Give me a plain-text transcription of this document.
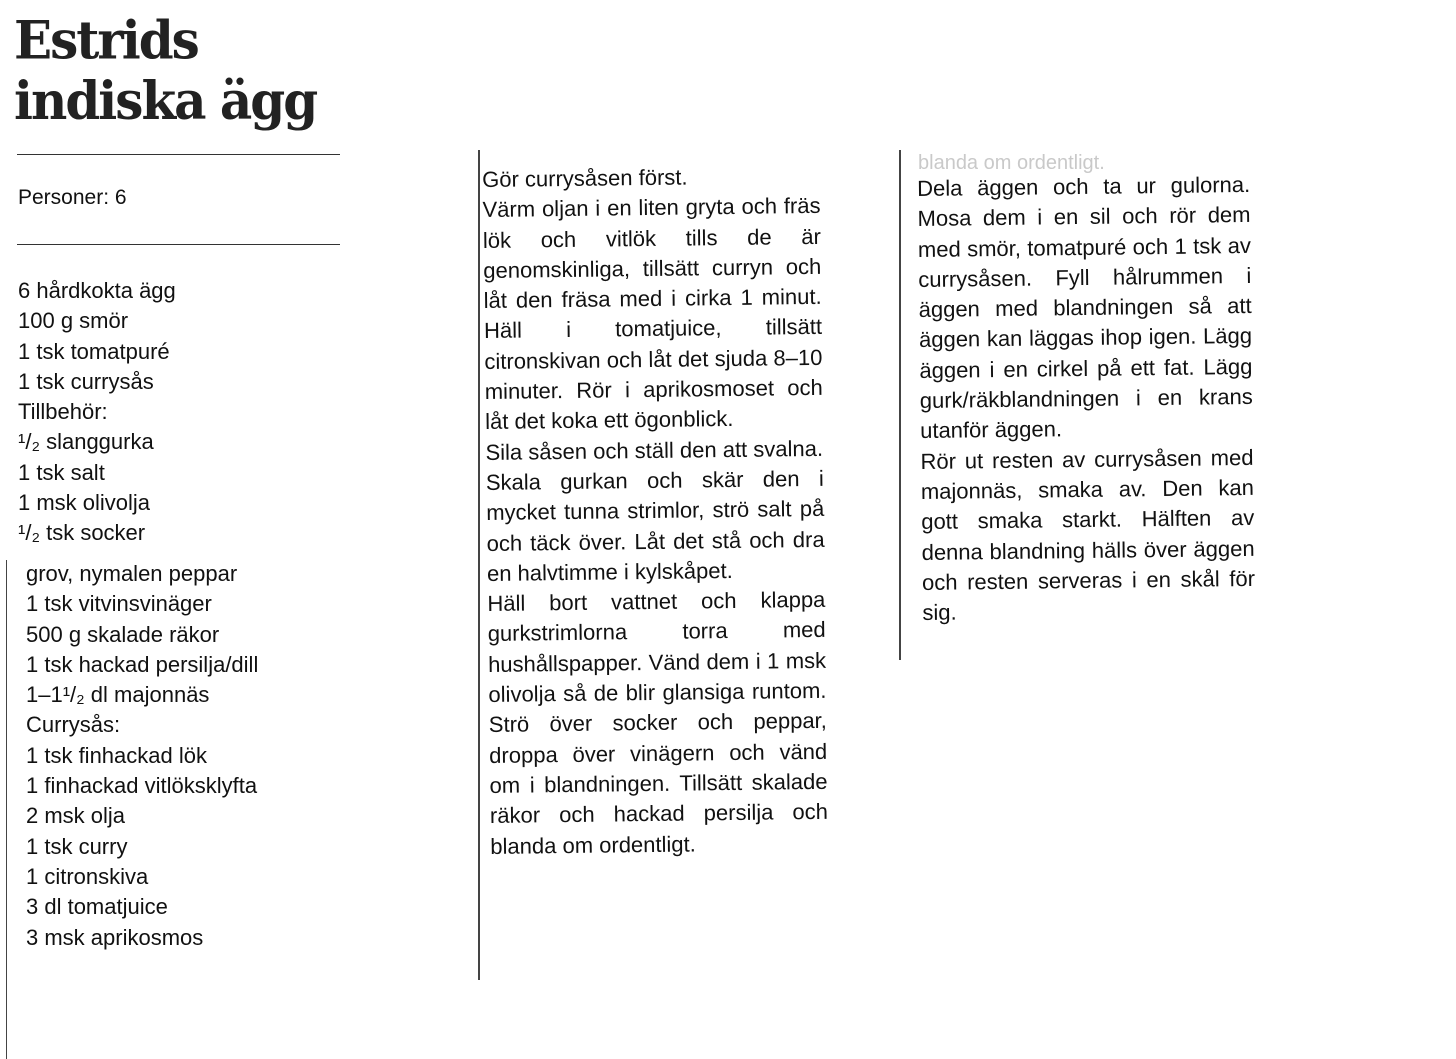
Estrids
indiska ägg
Personer: 6
6 hårdkokta ägg
100 g smör
1 tsk tomatpuré
1 tsk currysås
Tillbehör:
¹/₂ slanggurka
1 tsk salt
1 msk olivolja
¹/₂ tsk socker
grov, nymalen peppar
1 tsk vitvinsvinäger
500 g skalade räkor
1 tsk hackad persilja/dill
1–1¹/₂ dl majonnäs
Currysås:
1 tsk finhackad lök
1 finhackad vitlöksklyfta
2 msk olja
1 tsk curry
1 citronskiva
3 dl tomatjuice
3 msk aprikosmos

Gör currysåsen först.

Värm oljan i en liten gryta och fräs lök och vitlök tills de är genomskinliga, tillsätt curryn och låt den fräsa med i cirka 1 minut. Häll i tomatjuice, tillsätt citronskivan och låt det sjuda 8–10 minuter. Rör i aprikosmoset och låt det koka ett ögonblick.

Sila såsen och ställ den att svalna.

Skala gurkan och skär den i mycket tunna strimlor, strö salt på och täck över. Låt det stå och dra en halvtimme i kylskåpet.

Häll bort vattnet och klappa gurkstrimlorna torra med hushållspapper. Vänd dem i 1 msk olivolja så de blir glansiga runtom. Strö över socker och peppar, droppa över vinägern och vänd om i blandningen. Tillsätt skalade räkor och hackad persilja och blanda om ordentligt.

blanda om ordentligt.

Dela äggen och ta ur gulorna. Mosa dem i en sil och rör dem med smör, tomatpuré och 1 tsk av currysåsen. Fyll hålrummen i äggen med blandningen så att äggen kan läggas ihop igen. Lägg äggen i en cirkel på ett fat. Lägg gurk/räkblandningen i en krans utanför äggen.

Rör ut resten av currysåsen med majonnäs, smaka av. Den kan gott smaka starkt. Hälften av denna blandning hälls över äggen och resten serveras i en skål för sig.
